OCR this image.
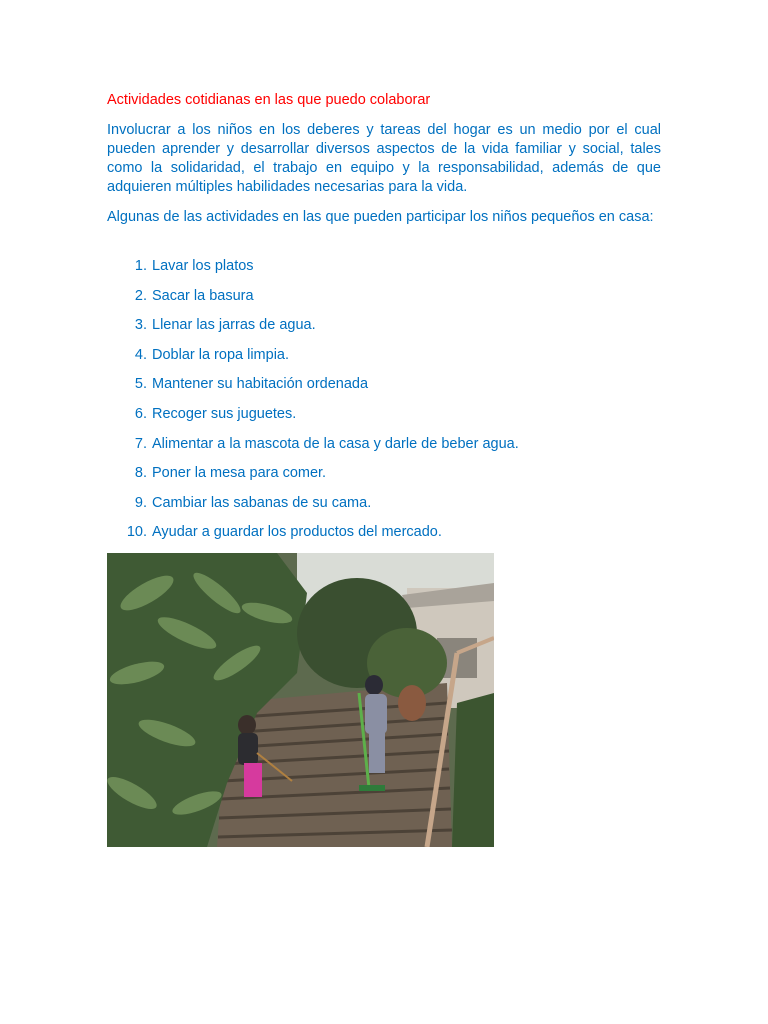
Actividades cotidianas en las que puedo colaborar

Involucrar a los niños en los deberes y tareas del hogar es un medio por el cual pueden aprender y desarrollar diversos aspectos de la vida familiar y social, tales como la solidaridad, el trabajo en equipo y la responsabilidad, además de que adquieren múltiples habilidades necesarias para la vida.

Algunas de las actividades en las que pueden participar los niños pequeños en casa:

1. Lavar los platos
2. Sacar la basura
3. Llenar las jarras de agua.
4. Doblar la ropa limpia.
5. Mantener su habitación ordenada
6. Recoger sus juguetes.
7. Alimentar a la mascota de la casa y darle de beber agua.
8. Poner la mesa para comer.
9. Cambiar las sabanas de su cama.
10. Ayudar a guardar los productos del mercado.
